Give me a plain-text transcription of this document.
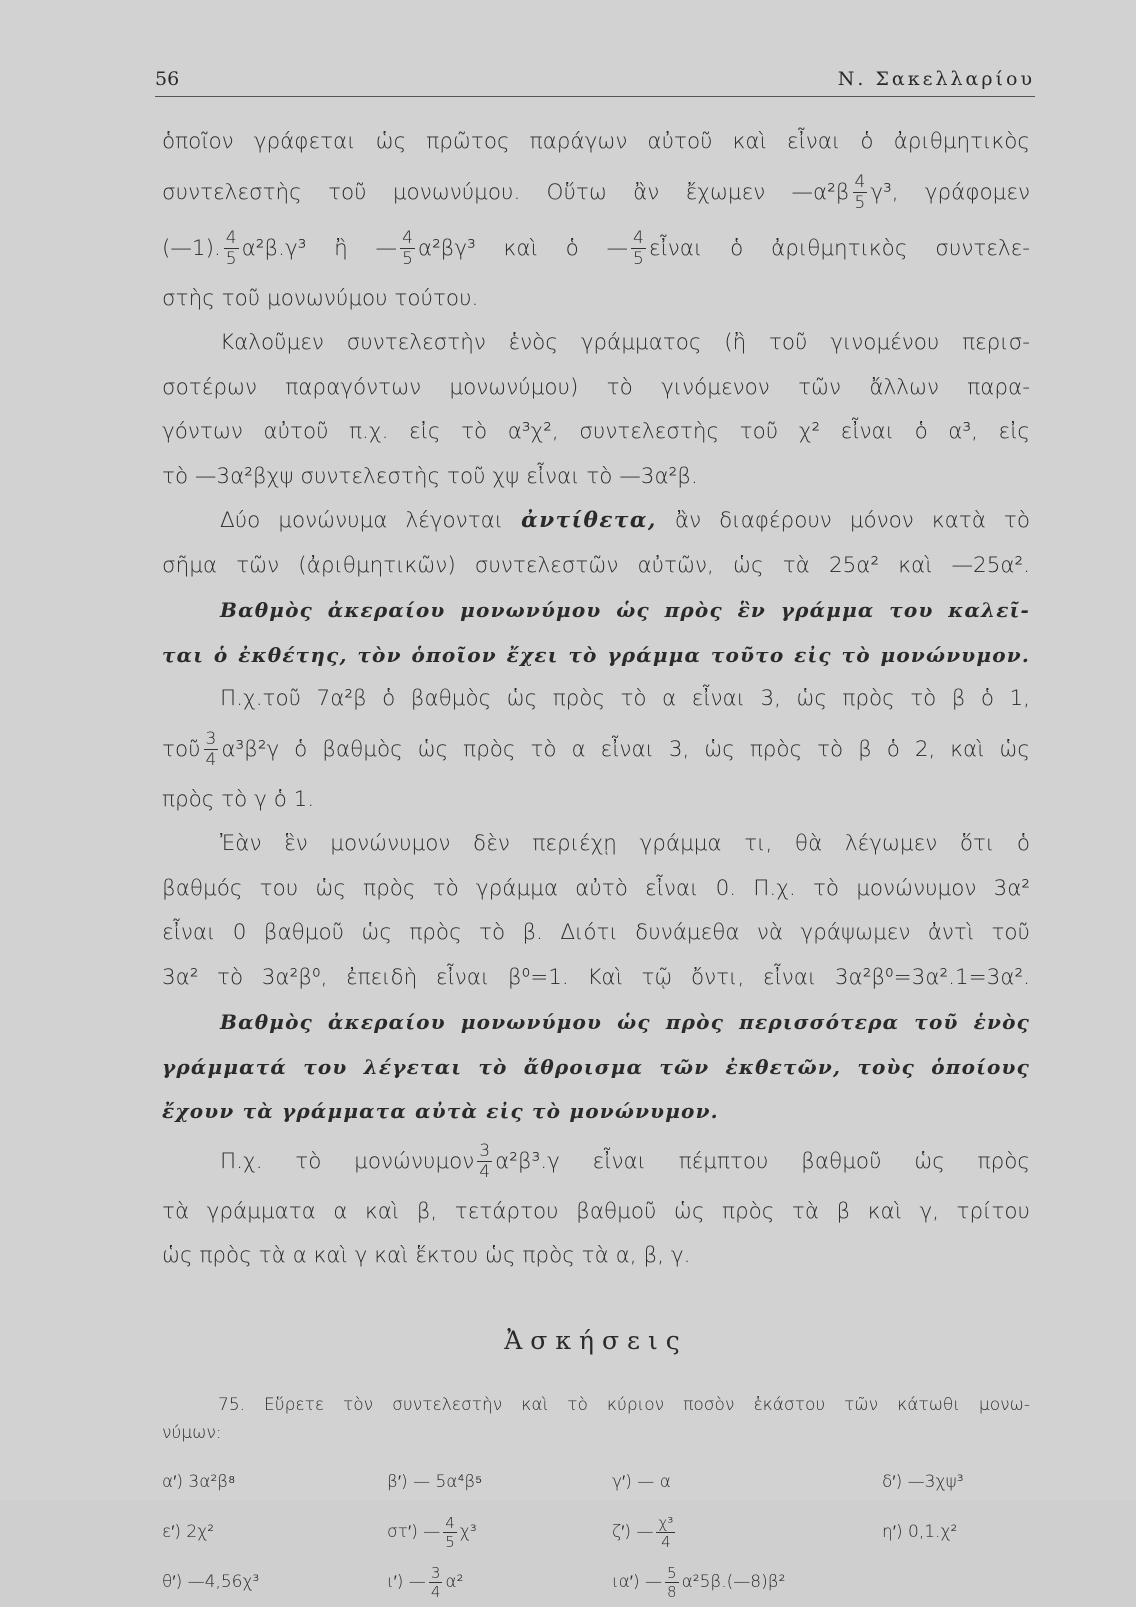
56	Ν. Σακελλαρίου
ὁποῖον γράφεται ὡς πρῶτος παράγων αὐτοῦ καὶ εἶναι ὁ ἀριθμητικὸς
συντελεστὴς τοῦ μονωνύμου. Οὕτω ἂν ἔχωμεν —α²β $\frac{4}{5} \gamma^3$, γράφομεν
(—1). $\frac{4}{5} \alpha^2\beta.\gamma^3$ ἢ — $\frac{4}{5} \alpha^2\beta\gamma^3$ καὶ ὁ — $\frac{4}{5}$ εἶναι ὁ ἀριθμητικὸς συντελε-
στὴς τοῦ μονωνύμου τούτου.
Καλοῦμεν συντελεστὴν ἑνὸς γράμματος (ἢ τοῦ γινομένου περισ-
σοτέρων παραγόντων μονωνύμου) τὸ γινόμενον τῶν ἄλλων παρα-
γόντων αὐτοῦ π.χ. εἰς τὸ α³χ², συντελεστὴς τοῦ χ² εἶναι ὁ α³, εἰς
τὸ —3α²βχψ συντελεστὴς τοῦ χψ εἶναι τὸ —3α²β.
Δύο μονώνυμα λέγονται ἀντίθετα, ἂν διαφέρουν μόνον κατὰ τὸ
σῆμα τῶν (ἀριθμητικῶν) συντελεστῶν αὐτῶν, ὡς τὰ 25α² καὶ —25α².
Βαθμὸς ἀκεραίου μονωνύμου ὡς πρὸς ἓν γράμμα του καλεῖ-
ται ὁ ἐκθέτης, τὸν ὁποῖον ἔχει τὸ γράμμα τοῦτο εἰς τὸ μονώνυμον.
Π.χ.τοῦ 7α²β ὁ βαθμὸς ὡς πρὸς τὸ α εἶναι 3, ὡς πρὸς τὸ β ὁ 1,
τοῦ $\frac{3}{4} \alpha^3\beta^2\gamma$ ὁ βαθμὸς ὡς πρὸς τὸ α εἶναι 3, ὡς πρὸς τὸ β ὁ 2, καὶ ὡς
πρὸς τὸ γ ὁ 1.
Ἐὰν ἓν μονώνυμον δὲν περιέχῃ γράμμα τι, θὰ λέγωμεν ὅτι ὁ
βαθμός του ὡς πρὸς τὸ γράμμα αὐτὸ εἶναι 0. Π.χ. τὸ μονώνυμον 3α²
εἶναι 0 βαθμοῦ ὡς πρὸς τὸ β. Διότι δυνάμεθα νὰ γράψωμεν ἀντὶ τοῦ
3α² τὸ 3α²β⁰, ἐπειδὴ εἶναι β⁰=1. Καὶ τῷ ὄντι, εἶναι 3α²β⁰=3α².1=3α².
Βαθμὸς ἀκεραίου μονωνύμου ὡς πρὸς περισσότερα τοῦ ἑνὸς
γράμματά του λέγεται τὸ ἄθροισμα τῶν ἐκθετῶν, τοὺς ὁποίους
ἔχουν τὰ γράμματα αὐτὰ εἰς τὸ μονώνυμον.
Π.χ. τὸ μονώνυμον $\frac{3}{4} \alpha^2\beta^3.\gamma$ εἶναι πέμπτου βαθμοῦ ὡς πρὸς
τὰ γράμματα α καὶ β, τετάρτου βαθμοῦ ὡς πρὸς τὰ β καὶ γ, τρίτου
ὡς πρὸς τὰ α καὶ γ καὶ ἕκτου ὡς πρὸς τὰ α, β, γ.
Ἀσκήσεις
75. Εὕρετε τὸν συντελεστὴν καὶ τὸ κύριον ποσὸν ἑκάστου τῶν κάτωθι μονω-
νύμων:
α′) 3α²β⁸	β′) — 5α⁴β⁵	γ′) — α	δ′) —3χψ³
ε′) 2χ²	στ′) — $\frac{4}{5} \chi^3$	ζ′) — $\frac{\text{χ³}}{4}$	η′) 0,1.χ²
θ′) —4,56χ³	ι′) — $\frac{3}{4} \alpha^2$	ια′) — $\frac{5}{8}$ α²5β.(—8)β²
